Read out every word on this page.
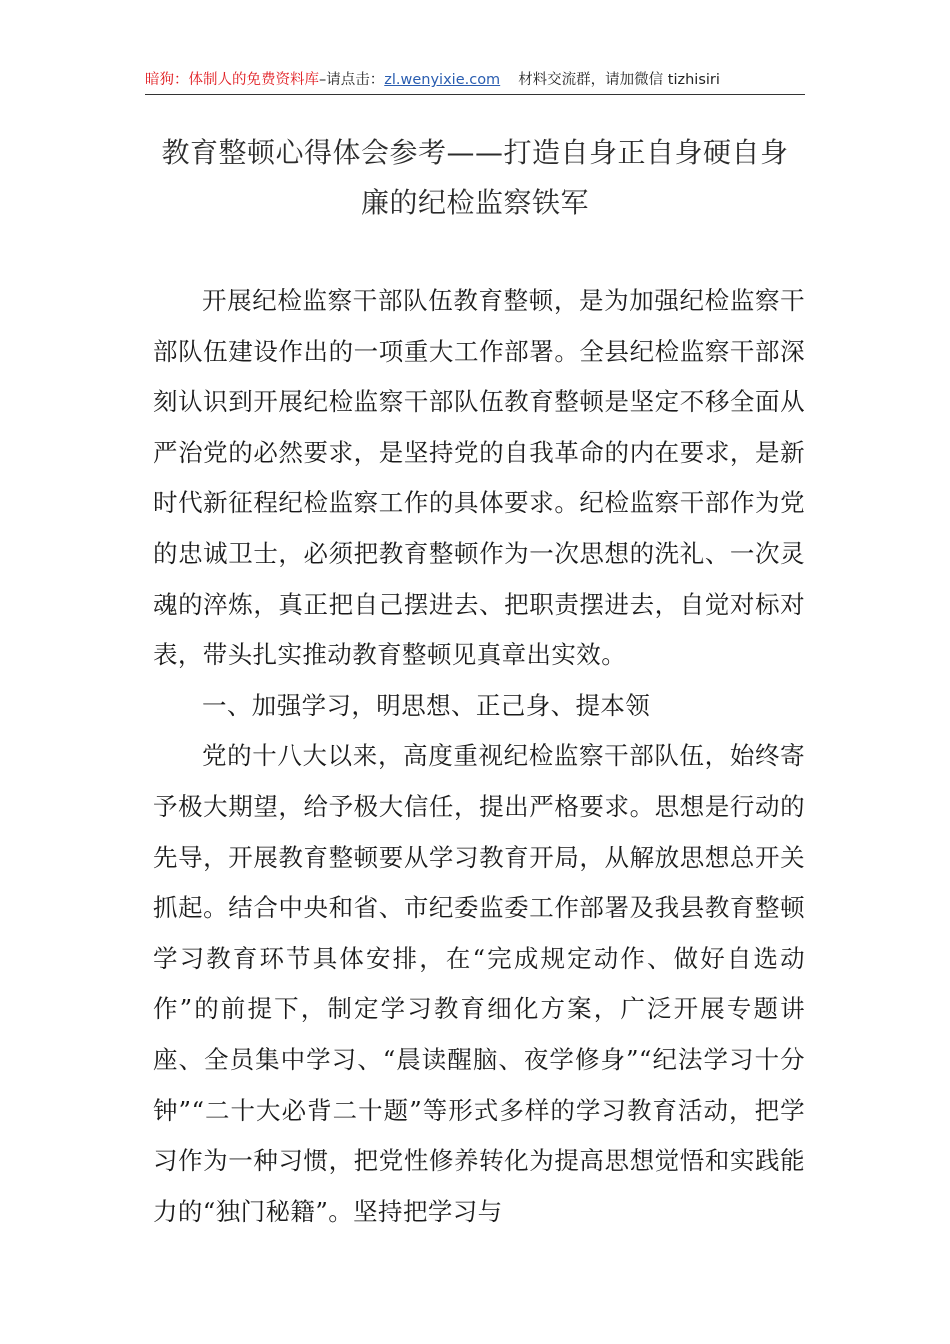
暗狗：体制人的免费资料库–请点击：zl.wenyixie.com 材料交流群，请加微信 tizhisiri
教育整顿心得体会参考——打造自身正自身硬自身
廉的纪检监察铁军

开展纪检监察干部队伍教育整顿，是为加强纪检监察干部队伍建设作出的一项重大工作部署。全县纪检监察干部深刻认识到开展纪检监察干部队伍教育整顿是坚定不移全面从严治党的必然要求，是坚持党的自我革命的内在要求，是新时代新征程纪检监察工作的具体要求。纪检监察干部作为党的忠诚卫士，必须把教育整顿作为一次思想的洗礼、一次灵魂的淬炼，真正把自己摆进去、把职责摆进去，自觉对标对表，带头扎实推动教育整顿见真章出实效。

一、加强学习，明思想、正己身、提本领

党的十八大以来，高度重视纪检监察干部队伍，始终寄予极大期望，给予极大信任，提出严格要求。思想是行动的先导，开展教育整顿要从学习教育开局，从解放思想总开关抓起。结合中央和省、市纪委监委工作部署及我县教育整顿学习教育环节具体安排，在“完成规定动作、做好自选动作”的前提下，制定学习教育细化方案，广泛开展专题讲座、全员集中学习、“晨读醒脑、夜学修身”“纪法学习十分钟”“二十大必背二十题”等形式多样的学习教育活动，把学习作为一种习惯，把党性修养转化为提高思想觉悟和实践能力的“独门秘籍”。坚持把学习与
